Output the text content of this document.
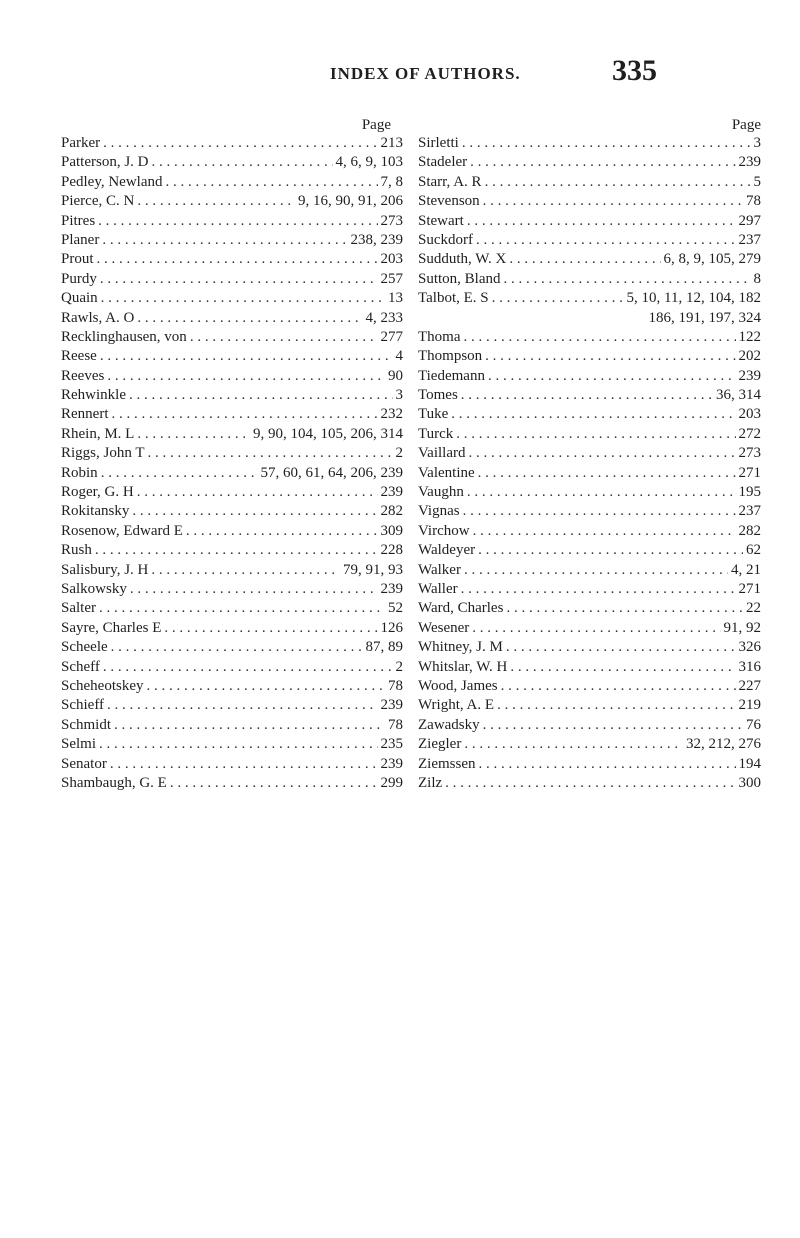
INDEX OF AUTHORS.	335
Page
Parker . . .	213
Patterson, J. D . . .	4, 6, 9, 103
Pedley, Newland . . .	7, 8
Pierce, C. N . . .	9, 16, 90, 91, 206
Pitres . . .	273
Planer . . .	238, 239
Prout . . .	203
Purdy . . .	257
Quain . . .	13
Rawls, A. O . . .	4, 233
Recklinghausen, von . . .	277
Reese . . .	4
Reeves . . .	90
Rehwinkle . . .	3
Rennert . . .	232
Rhein, M. L . . .	9, 90, 104, 105, 206, 314
Riggs, John T . . .	2
Robin . . .	57, 60, 61, 64, 206, 239
Roger, G. H . . .	239
Rokitansky . . .	282
Rosenow, Edward E . . .	309
Rush . . .	228
Salisbury, J. H . . .	79, 91, 93
Salkowsky . . .	239
Salter . . .	52
Sayre, Charles E . . .	126
Scheele . . .	87, 89
Scheff . . .	2
Scheheotskey . . .	78
Schieff . . .	239
Schmidt . . .	78
Selmi . . .	235
Senator . . .	239
Shambaugh, G. E . . .	299
Page
Sirletti . . .	3
Stadeler . . .	239
Starr, A. R . . .	5
Stevenson . . .	78
Stewart . . .	297
Suckdorf . . .	237
Sudduth, W. X . . .	6, 8, 9, 105, 279
Sutton, Bland . . .	8
Talbot, E. S . . .	5, 10, 11, 12, 104, 182
186, 191, 197, 324
Thoma . . .	122
Thompson . . .	202
Tiedemann . . .	239
Tomes . . .	36, 314
Tuke . . .	203
Turck . . .	272
Vaillard . . .	273
Valentine . . .	271
Vaughn . . .	195
Vignas . . .	237
Virchow . . .	282
Waldeyer . . .	62
Walker . . .	4, 21
Waller . . .	271
Ward, Charles . . .	22
Wesener . . .	91, 92
Whitney, J. M . . .	326
Whitslar, W. H . . .	316
Wood, James . . .	227
Wright, A. E . . .	219
Zawadsky . . .	76
Ziegler . . .	32, 212, 276
Ziemssen . . .	194
Zilz . . .	300
